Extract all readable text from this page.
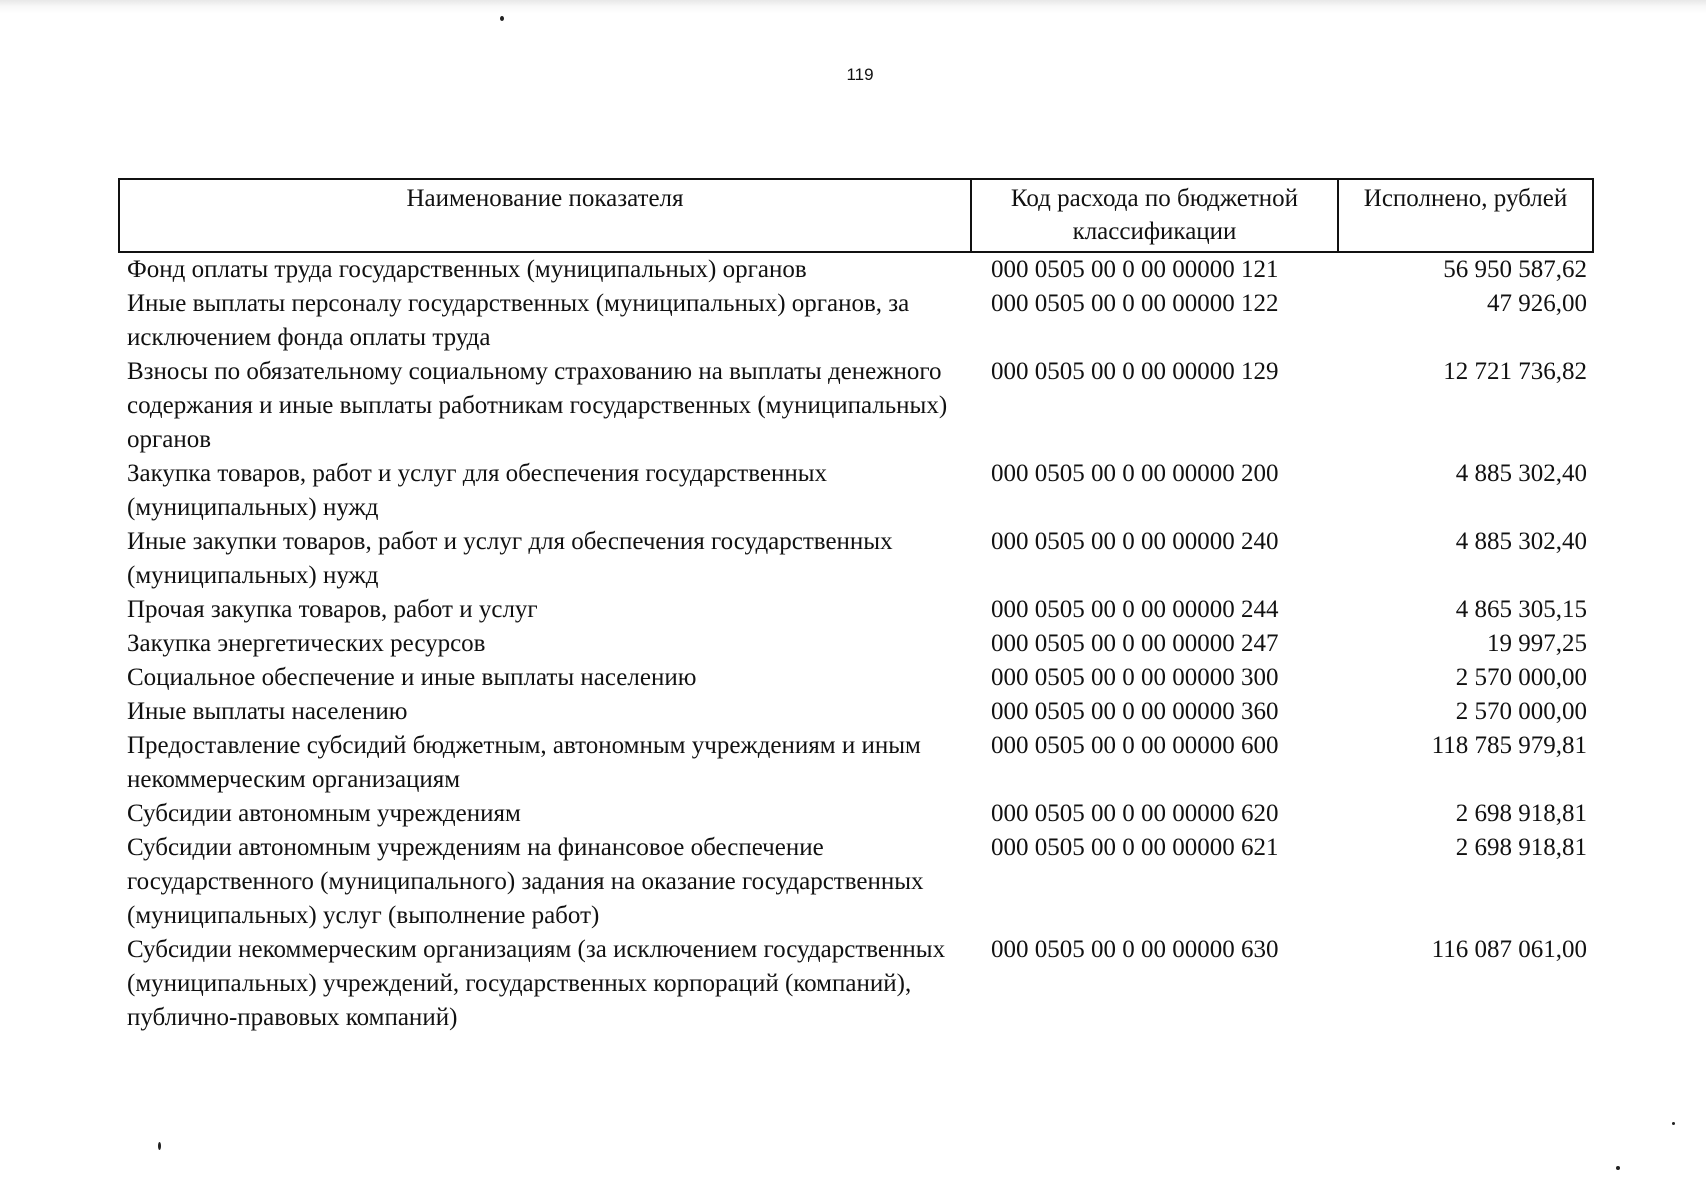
119
Наименование показателя	Код расхода по бюджетной классификации	Исполнено, рублей
Фонд оплаты труда государственных (муниципальных) органов	000 0505 00 0 00 00000 121	56 950 587,62
Иные выплаты персоналу государственных (муниципальных) органов, за исключением фонда оплаты труда	000 0505 00 0 00 00000 122	47 926,00
Взносы по обязательному социальному страхованию на выплаты денежного содержания и иные выплаты работникам государственных (муниципальных) органов	000 0505 00 0 00 00000 129	12 721 736,82
Закупка товаров, работ и услуг для обеспечения государственных (муниципальных) нужд	000 0505 00 0 00 00000 200	4 885 302,40
Иные закупки товаров, работ и услуг для обеспечения государственных (муниципальных) нужд	000 0505 00 0 00 00000 240	4 885 302,40
Прочая закупка товаров, работ и услуг	000 0505 00 0 00 00000 244	4 865 305,15
Закупка энергетических ресурсов	000 0505 00 0 00 00000 247	19 997,25
Социальное обеспечение и иные выплаты населению	000 0505 00 0 00 00000 300	2 570 000,00
Иные выплаты населению	000 0505 00 0 00 00000 360	2 570 000,00
Предоставление субсидий бюджетным, автономным учреждениям и иным некоммерческим организациям	000 0505 00 0 00 00000 600	118 785 979,81
Субсидии автономным учреждениям	000 0505 00 0 00 00000 620	2 698 918,81
Субсидии автономным учреждениям на финансовое обеспечение государственного (муниципального) задания на оказание государственных (муниципальных) услуг (выполнение работ)	000 0505 00 0 00 00000 621	2 698 918,81
Субсидии некоммерческим организациям (за исключением государственных (муниципальных) учреждений, государственных корпораций (компаний), публично-правовых компаний)	000 0505 00 0 00 00000 630	116 087 061,00
